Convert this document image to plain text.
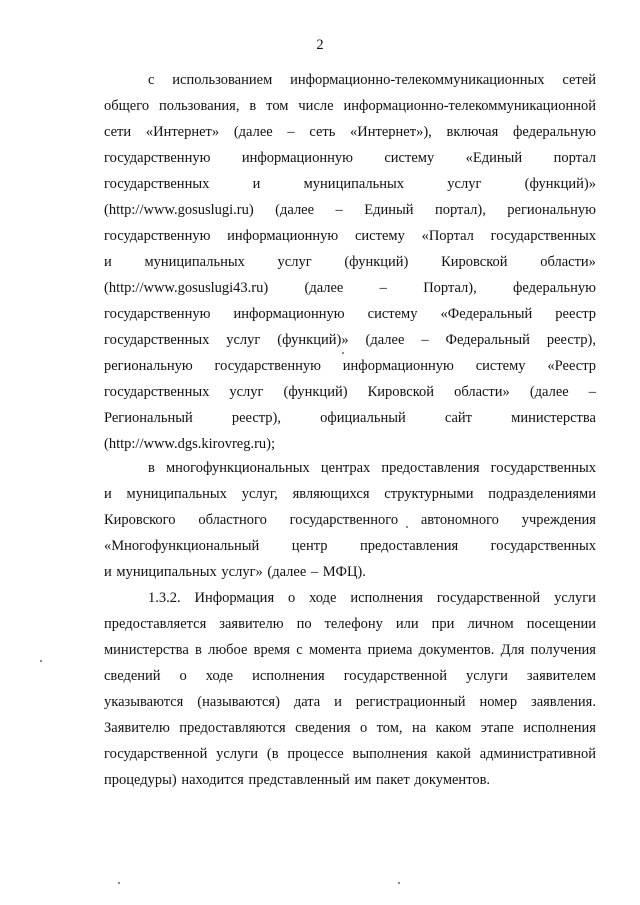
2
с использованием информационно-телекоммуникационных сетей
общего пользования, в том числе информационно-телекоммуникационной
сети «Интернет» (далее – сеть «Интернет»), включая федеральную
государственную информационную систему «Единый портал
государственных	и	муниципальных	услуг	(функций)»
(http://www.gosuslugi.ru) (далее – Единый портал), региональную
государственную информационную систему «Портал государственных
и муниципальных услуг (функций) Кировской области»
(http://www.gosuslugi43.ru)	(далее	–	Портал),	федеральную
государственную информационную систему «Федеральный реестр
государственных услуг (функций)» (далее – Федеральный реестр),
региональную государственную информационную систему «Реестр
государственных услуг (функций) Кировской области» (далее –
Региональный	реестр),	официальный	сайт	министерства
(http://www.dgs.kirovreg.ru);
в многофункциональных центрах предоставления государственных
и муниципальных услуг, являющихся структурными подразделениями
Кировского областного государственного автономного учреждения
«Многофункциональный центр предоставления государственных
и муниципальных услуг» (далее – МФЦ).
1.3.2. Информация о ходе исполнения государственной услуги
предоставляется заявителю по телефону или при личном посещении
министерства в любое время с момента приема документов. Для получения
сведений о ходе исполнения государственной услуги заявителем
указываются (называются) дата и регистрационный номер заявления.
Заявителю предоставляются сведения о том, на каком этапе исполнения
государственной услуги (в процессе выполнения какой административной
процедуры) находится представленный им пакет документов.
